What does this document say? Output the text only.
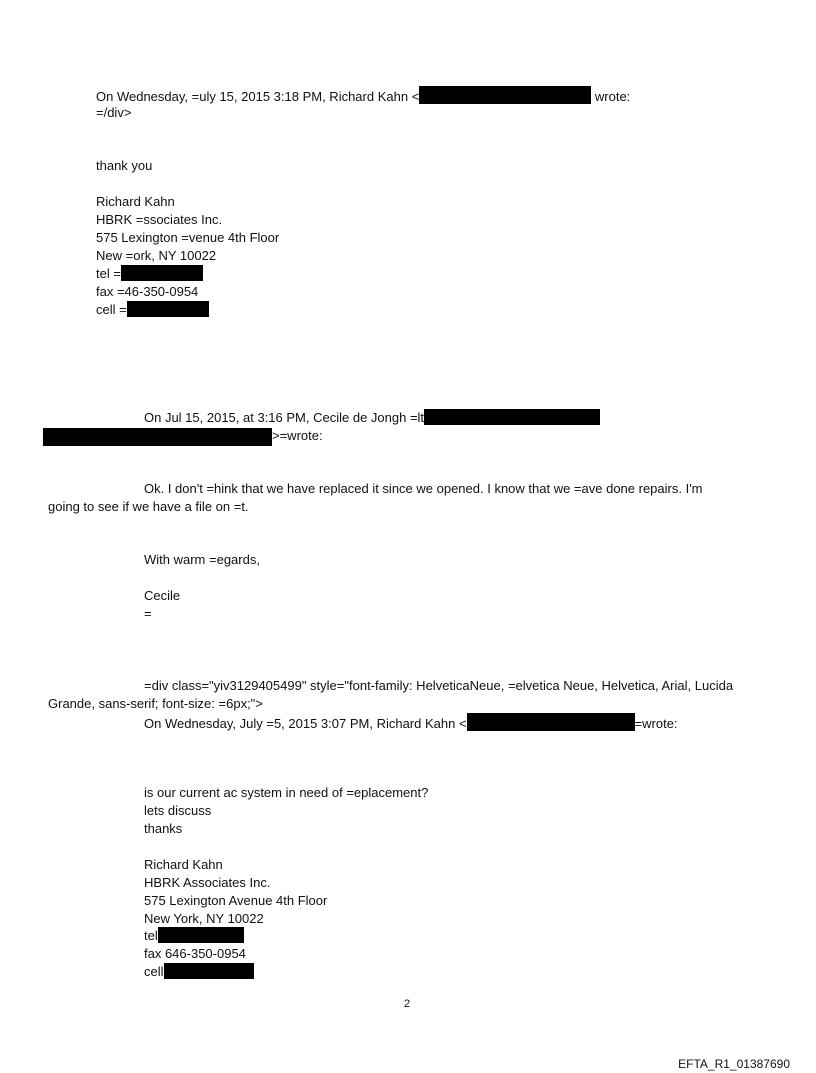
On Wednesday, =uly 15, 2015 3:18 PM, Richard Kahn <	wrote:
=/div>
thank you
Richard Kahn
HBRK =ssociates Inc.
575 Lexington =venue 4th Floor
New =ork, NY 10022
tel =
fax =46-350-0954
cell =
On Jul 15, 2015, at 3:16 PM, Cecile de Jongh =lt
>=wrote:
Ok. I don't =hink that we have replaced it since we opened. I know that we =ave done repairs. I'm
going to see if we have a file on =t.
With warm =egards,
Cecile
=
=div class="yiv3129405499" style="font-family: HelveticaNeue, =elvetica Neue, Helvetica, Arial, Lucida
Grande, sans-serif; font-size: =6px;">
On Wednesday, July =5, 2015 3:07 PM, Richard Kahn <	=wrote:
is our current ac system in need of =eplacement?
lets discuss
thanks
Richard Kahn
HBRK Associates Inc.
575 Lexington Avenue 4th Floor
New York, NY 10022
tel
fax 646-350-0954
cell
2
EFTA_R1_01387690
